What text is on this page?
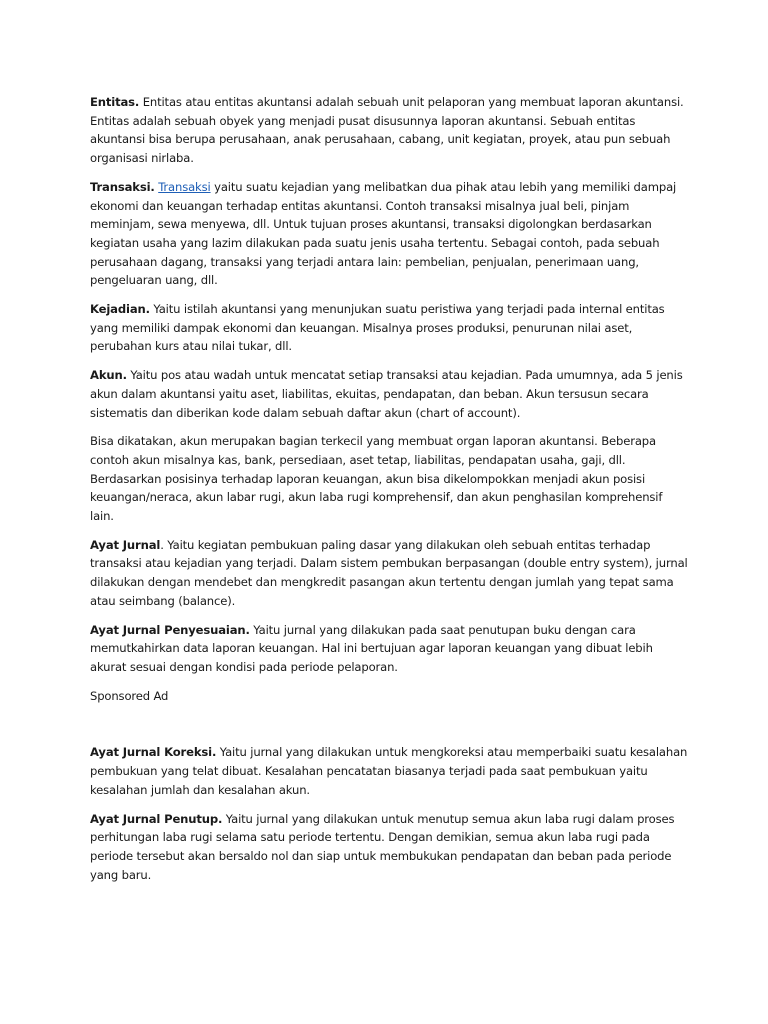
Entitas. Entitas atau entitas akuntansi adalah sebuah unit pelaporan yang membuat laporan akuntansi.
Entitas adalah sebuah obyek yang menjadi pusat disusunnya laporan akuntansi. Sebuah entitas
akuntansi bisa berupa perusahaan, anak perusahaan, cabang, unit kegiatan, proyek, atau pun sebuah
organisasi nirlaba.
Transaksi. Transaksi yaitu suatu kejadian yang melibatkan dua pihak atau lebih yang memiliki dampaj
ekonomi dan keuangan terhadap entitas akuntansi. Contoh transaksi misalnya jual beli, pinjam
meminjam, sewa menyewa, dll. Untuk tujuan proses akuntansi, transaksi digolongkan berdasarkan
kegiatan usaha yang lazim dilakukan pada suatu jenis usaha tertentu. Sebagai contoh, pada sebuah
perusahaan dagang, transaksi yang terjadi antara lain: pembelian, penjualan, penerimaan uang,
pengeluaran uang, dll.
Kejadian. Yaitu istilah akuntansi yang menunjukan suatu peristiwa yang terjadi pada internal entitas
yang memiliki dampak ekonomi dan keuangan. Misalnya proses produksi, penurunan nilai aset,
perubahan kurs atau nilai tukar, dll.
Akun. Yaitu pos atau wadah untuk mencatat setiap transaksi atau kejadian. Pada umumnya, ada 5 jenis
akun dalam akuntansi yaitu aset, liabilitas, ekuitas, pendapatan, dan beban. Akun tersusun secara
sistematis dan diberikan kode dalam sebuah daftar akun (chart of account).
Bisa dikatakan, akun merupakan bagian terkecil yang membuat organ laporan akuntansi. Beberapa
contoh akun misalnya kas, bank, persediaan, aset tetap, liabilitas, pendapatan usaha, gaji, dll.
Berdasarkan posisinya terhadap laporan keuangan, akun bisa dikelompokkan menjadi akun posisi
keuangan/neraca, akun labar rugi, akun laba rugi komprehensif, dan akun penghasilan komprehensif
lain.
Ayat Jurnal. Yaitu kegiatan pembukuan paling dasar yang dilakukan oleh sebuah entitas terhadap
transaksi atau kejadian yang terjadi. Dalam sistem pembukan berpasangan (double entry system), jurnal
dilakukan dengan mendebet dan mengkredit pasangan akun tertentu dengan jumlah yang tepat sama
atau seimbang (balance).
Ayat Jurnal Penyesuaian. Yaitu jurnal yang dilakukan pada saat penutupan buku dengan cara
memutkahirkan data laporan keuangan. Hal ini bertujuan agar laporan keuangan yang dibuat lebih
akurat sesuai dengan kondisi pada periode pelaporan.
Sponsored Ad
Ayat Jurnal Koreksi. Yaitu jurnal yang dilakukan untuk mengkoreksi atau memperbaiki suatu kesalahan
pembukuan yang telat dibuat. Kesalahan pencatatan biasanya terjadi pada saat pembukuan yaitu
kesalahan jumlah dan kesalahan akun.
Ayat Jurnal Penutup. Yaitu jurnal yang dilakukan untuk menutup semua akun laba rugi dalam proses
perhitungan laba rugi selama satu periode tertentu. Dengan demikian, semua akun laba rugi pada
periode tersebut akan bersaldo nol dan siap untuk membukukan pendapatan dan beban pada periode
yang baru.
